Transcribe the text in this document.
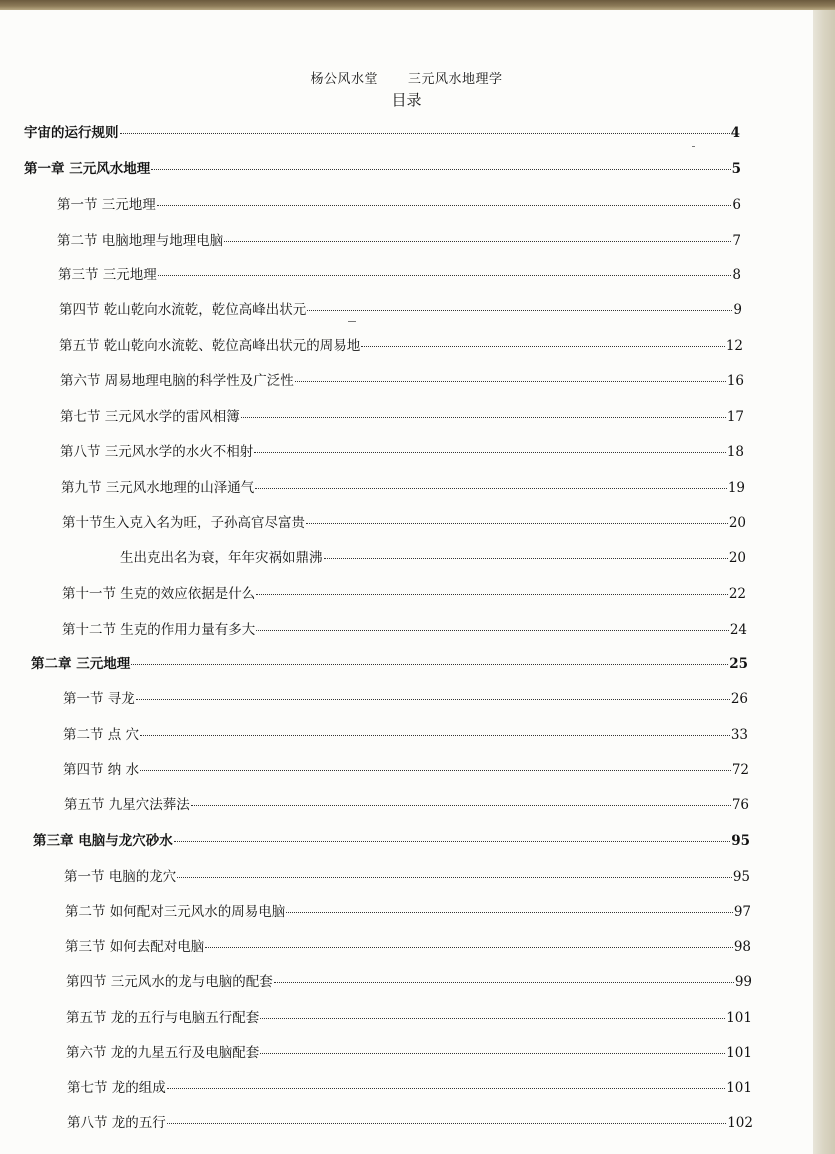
杨公风水堂 三元风水地理学
目录
宇宙的运行规则	4
第一章 三元风水地理	5
第一节 三元地理	6
第二节 电脑地理与地理电脑	7
第三节 三元地理	8
第四节 乾山乾向水流乾，乾位高峰出状元	9
第五节 乾山乾向水流乾、乾位高峰出状元的周易地	12
第六节 周易地理电脑的科学性及广泛性	16
第七节 三元风水学的雷风相簿	17
第八节 三元风水学的水火不相射	18
第九节 三元风水地理的山泽通气	19
第十节生入克入名为旺，子孙高官尽富贵	20
生出克出名为衰，年年灾祸如鼎沸	20
第十一节 生克的效应依据是什么	22
第十二节 生克的作用力量有多大	24
第二章 三元地理	25
第一节 寻龙	26
第二节 点 穴	33
第四节 纳 水	72
第五节 九星穴法葬法	76
第三章 电脑与龙穴砂水	95
第一节 电脑的龙穴	95
第二节 如何配对三元风水的周易电脑	97
第三节 如何去配对电脑	98
第四节 三元风水的龙与电脑的配套	99
第五节 龙的五行与电脑五行配套	101
第六节 龙的九星五行及电脑配套	101
第七节 龙的组成	101
第八节 龙的五行	102
